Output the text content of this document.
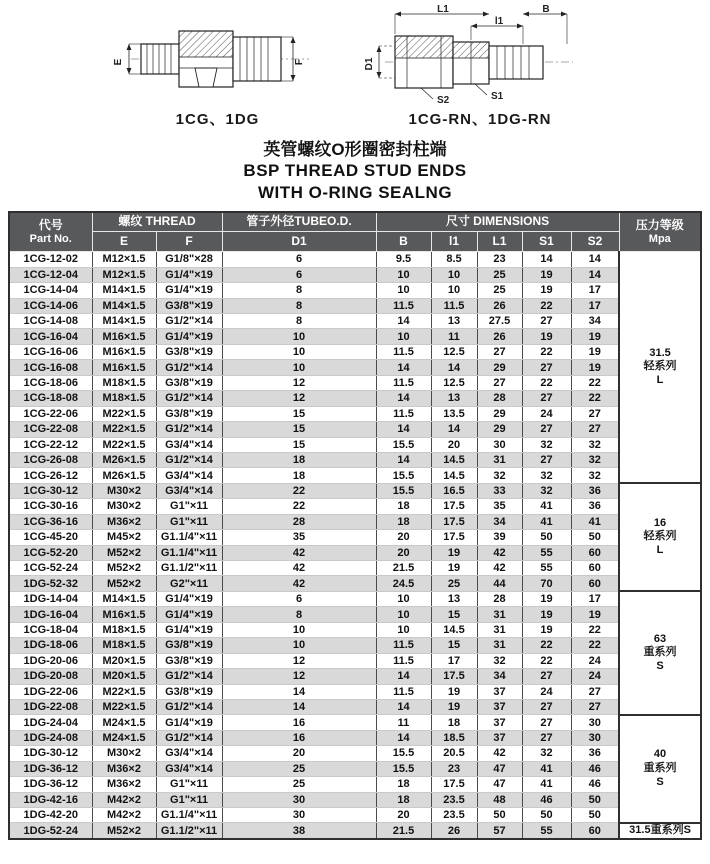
E	F
1CG、1DG
L1	B
l1
D1
S2	S1
1CG-RN、1DG-RN
英管螺纹O形圈密封柱端
BSP THREAD STUD ENDS
WITH O-RING SEALNG
代号
Part No.	螺纹 THREAD		管子外径TUBEO.D.	尺寸 DIMENSIONS					压力等级
Mpa

	E	F	D1	B	l1	L1	S1	S2	
1CG-12-02	M12×1.5	G1/8"×28	6	9.5	8.5	23	14	14	31.5
轻系列
L

1CG-12-04	M12×1.5	G1/4"×19	6	10	10	25	19	14	
1CG-14-04	M14×1.5	G1/4"×19	8	10	10	25	19	17	
1CG-14-06	M14×1.5	G3/8"×19	8	11.5	11.5	26	22	17	
1CG-14-08	M14×1.5	G1/2"×14	8	14	13	27.5	27	34	
1CG-16-04	M16×1.5	G1/4"×19	10	10	11	26	19	19	
1CG-16-06	M16×1.5	G3/8"×19	10	11.5	12.5	27	22	19	
1CG-16-08	M16×1.5	G1/2"×14	10	14	14	29	27	19	
1CG-18-06	M18×1.5	G3/8"×19	12	11.5	12.5	27	22	22	
1CG-18-08	M18×1.5	G1/2"×14	12	14	13	28	27	22	
1CG-22-06	M22×1.5	G3/8"×19	15	11.5	13.5	29	24	27	
1CG-22-08	M22×1.5	G1/2"×14	15	14	14	29	27	27	
1CG-22-12	M22×1.5	G3/4"×14	15	15.5	20	30	32	32	
1CG-26-08	M26×1.5	G1/2"×14	18	14	14.5	31	27	32	
1CG-26-12	M26×1.5	G3/4"×14	18	15.5	14.5	32	32	32	
1CG-30-12	M30×2	G3/4"×14	22	15.5	16.5	33	32	36	16
轻系列
L

1CG-30-16	M30×2	G1"×11	22	18	17.5	35	41	36	
1CG-36-16	M36×2	G1"×11	28	18	17.5	34	41	41	
1CG-45-20	M45×2	G1.1/4"×11	35	20	17.5	39	50	50	
1CG-52-20	M52×2	G1.1/4"×11	42	20	19	42	55	60	
1CG-52-24	M52×2	G1.1/2"×11	42	21.5	19	42	55	60	
1DG-52-32	M52×2	G2"×11	42	24.5	25	44	70	60	
1DG-14-04	M14×1.5	G1/4"×19	6	10	13	28	19	17	63
重系列
S

1DG-16-04	M16×1.5	G1/4"×19	8	10	15	31	19	19	
1CG-18-04	M18×1.5	G1/4"×19	10	10	14.5	31	19	22	
1DG-18-06	M18×1.5	G3/8"×19	10	11.5	15	31	22	22	
1DG-20-06	M20×1.5	G3/8"×19	12	11.5	17	32	22	24	
1DG-20-08	M20×1.5	G1/2"×14	12	14	17.5	34	27	24	
1DG-22-06	M22×1.5	G3/8"×19	14	11.5	19	37	24	27	
1DG-22-08	M22×1.5	G1/2"×14	14	14	19	37	27	27	
1DG-24-04	M24×1.5	G1/4"×19	16	11	18	37	27	30	40
重系列
S

1DG-24-08	M24×1.5	G1/2"×14	16	14	18.5	37	27	30	
1DG-30-12	M30×2	G3/4"×14	20	15.5	20.5	42	32	36	
1DG-36-12	M36×2	G3/4"×14	25	15.5	23	47	41	46	
1DG-36-12	M36×2	G1"×11	25	18	17.5	47	41	46	
1DG-42-16	M42×2	G1"×11	30	18	23.5	48	46	50	
1DG-42-20	M42×2	G1.1/4"×11	30	20	23.5	50	50	50	
1DG-52-24	M52×2	G1.1/2"×11	38	21.5	26	57	55	60	31.5重系列S
